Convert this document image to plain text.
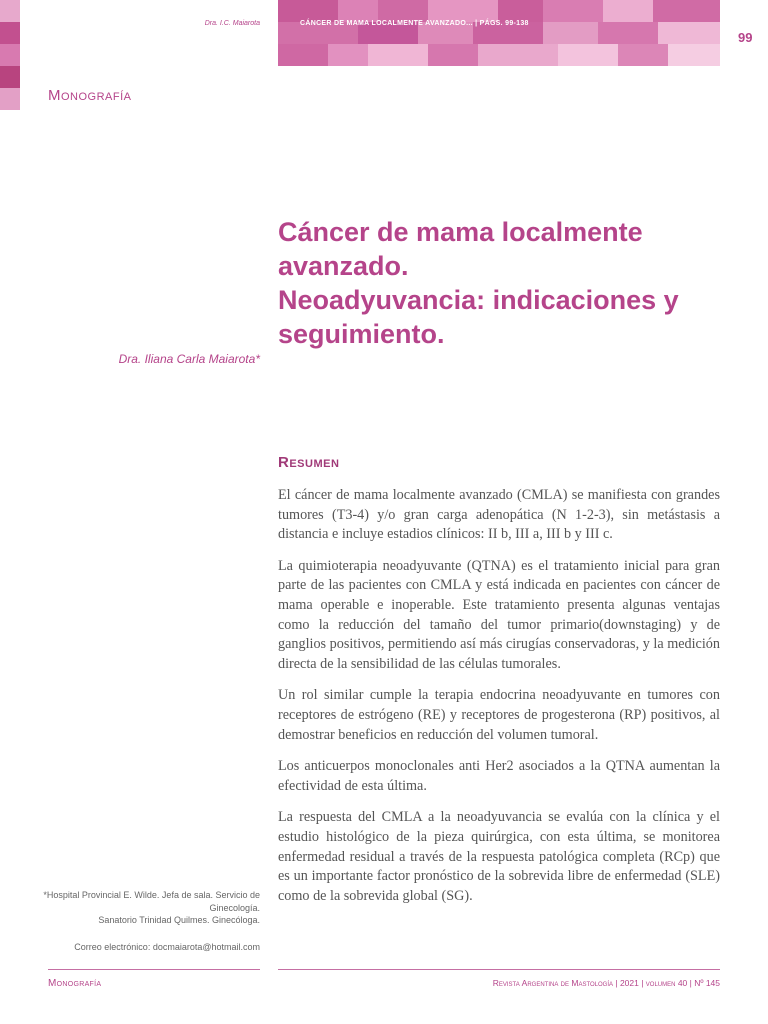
CÁNCER DE MAMA LOCALMENTE AVANZADO... | PÁGS. 99-138
Dra. I.C. Maiarota
99
Monografía
Cáncer de mama localmente
avanzado.
Neoadyuvancia: indicaciones y
seguimiento.
Dra. Iliana Carla Maiarota*
Resumen

El cáncer de mama localmente avanzado (CMLA) se manifiesta con grandes tumores (T3-4) y/o gran carga adenopática (N 1-2-3), sin metástasis a distancia e incluye estadios clínicos: II b, III a, III b y III c.

La quimioterapia neoadyuvante (QTNA) es el tratamiento inicial para gran parte de las pacientes con CMLA y está indicada en pacientes con cáncer de mama operable e inoperable. Este tratamiento presenta algunas ventajas como la reducción del tamaño del tumor primario(downstaging) y de ganglios positivos, permitiendo así más cirugías conservadoras, y la medición directa de la sensibilidad de las células tumorales.

Un rol similar cumple la terapia endocrina neoadyuvante en tumores con receptores de estrógeno (RE) y receptores de progesterona (RP) positivos, al demostrar beneficios en reducción del volumen tumoral.

Los anticuerpos monoclonales anti Her2 asociados a la QTNA aumentan la efectividad de esta última.

La respuesta del CMLA a la neoadyuvancia se evalúa con la clínica y el estudio histológico de la pieza quirúrgica, con esta última, se monitorea enfermedad residual a través de la respuesta patológica completa (RCp) que es un importante factor pronóstico de la sobrevida libre de enfermedad (SLE) como de la sobrevida global (SG).

*Hospital Provincial E. Wilde. Jefa de sala. Servicio de Ginecología.

Sanatorio Trinidad Quilmes. Ginecóloga.

Correo electrónico: docmaiarota@hotmail.com

Monografía	Revista Argentina de Mastología | 2021 | volumen 40 | Nº 145
